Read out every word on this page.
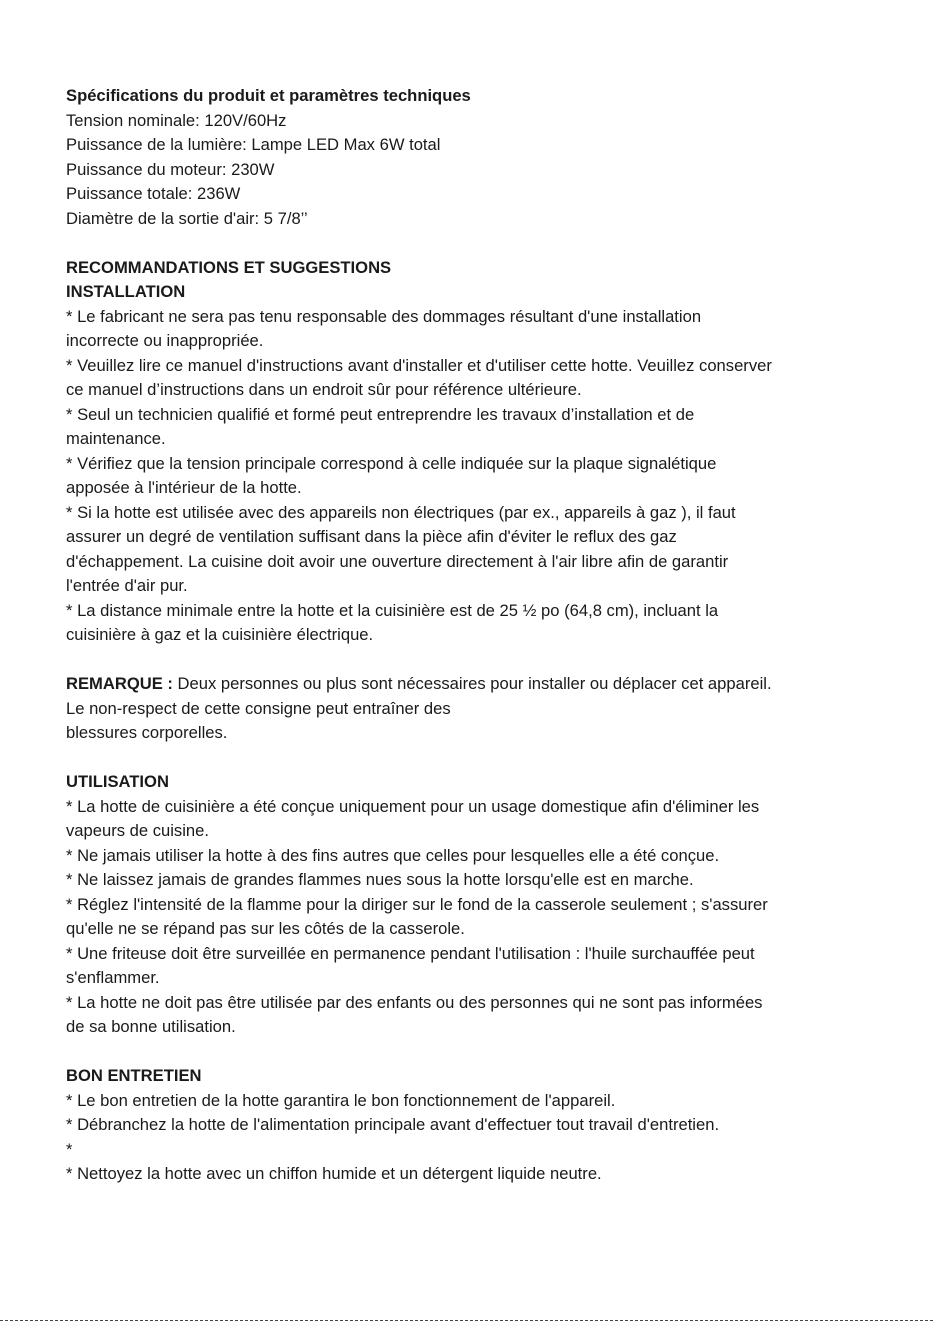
Spécifications du produit et paramètres techniques
Tension nominale: 120V/60Hz
Puissance de la lumière: Lampe LED Max 6W total
Puissance du moteur: 230W
Puissance totale: 236W
Diamètre de la sortie d'air: 5 7/8’’
RECOMMANDATIONS ET SUGGESTIONS
INSTALLATION
* Le fabricant ne sera pas tenu responsable des dommages résultant d'une installation
incorrecte ou inappropriée.
* Veuillez lire ce manuel d'instructions avant d'installer et d'utiliser cette hotte. Veuillez conserver
ce manuel d’instructions dans un endroit sûr pour référence ultérieure.
* Seul un technicien qualifié et formé peut entreprendre les travaux d’installation et de
maintenance.
* Vérifiez que la tension principale correspond à celle indiquée sur la plaque signalétique
apposée à l'intérieur de la hotte.
* Si la hotte est utilisée avec des appareils non électriques (par ex., appareils à gaz ), il faut
assurer un degré de ventilation suffisant dans la pièce afin d'éviter le reflux des gaz
d'échappement. La cuisine doit avoir une ouverture directement à l'air libre afin de garantir
l'entrée d'air pur.
* La distance minimale entre la hotte et la cuisinière est de 25 ½ po (64,8 cm), incluant la
cuisinière à gaz et la cuisinière électrique.
REMARQUE : Deux personnes ou plus sont nécessaires pour installer ou déplacer cet appareil.
Le non-respect de cette consigne peut entraîner des
blessures corporelles.
UTILISATION
* La hotte de cuisinière a été conçue uniquement pour un usage domestique afin d'éliminer les
vapeurs de cuisine.
* Ne jamais utiliser la hotte à des fins autres que celles pour lesquelles elle a été conçue.
* Ne laissez jamais de grandes flammes nues sous la hotte lorsqu'elle est en marche.
* Réglez l'intensité de la flamme pour la diriger sur le fond de la casserole seulement ; s'assurer
qu'elle ne se répand pas sur les côtés de la casserole.
* Une friteuse doit être surveillée en permanence pendant l'utilisation : l'huile surchauffée peut
s'enflammer.
* La hotte ne doit pas être utilisée par des enfants ou des personnes qui ne sont pas informées
de sa bonne utilisation.
BON ENTRETIEN
* Le bon entretien de la hotte garantira le bon fonctionnement de l'appareil.
* Débranchez la hotte de l'alimentation principale avant d'effectuer tout travail d'entretien.
*
* Nettoyez la hotte avec un chiffon humide et un détergent liquide neutre.
